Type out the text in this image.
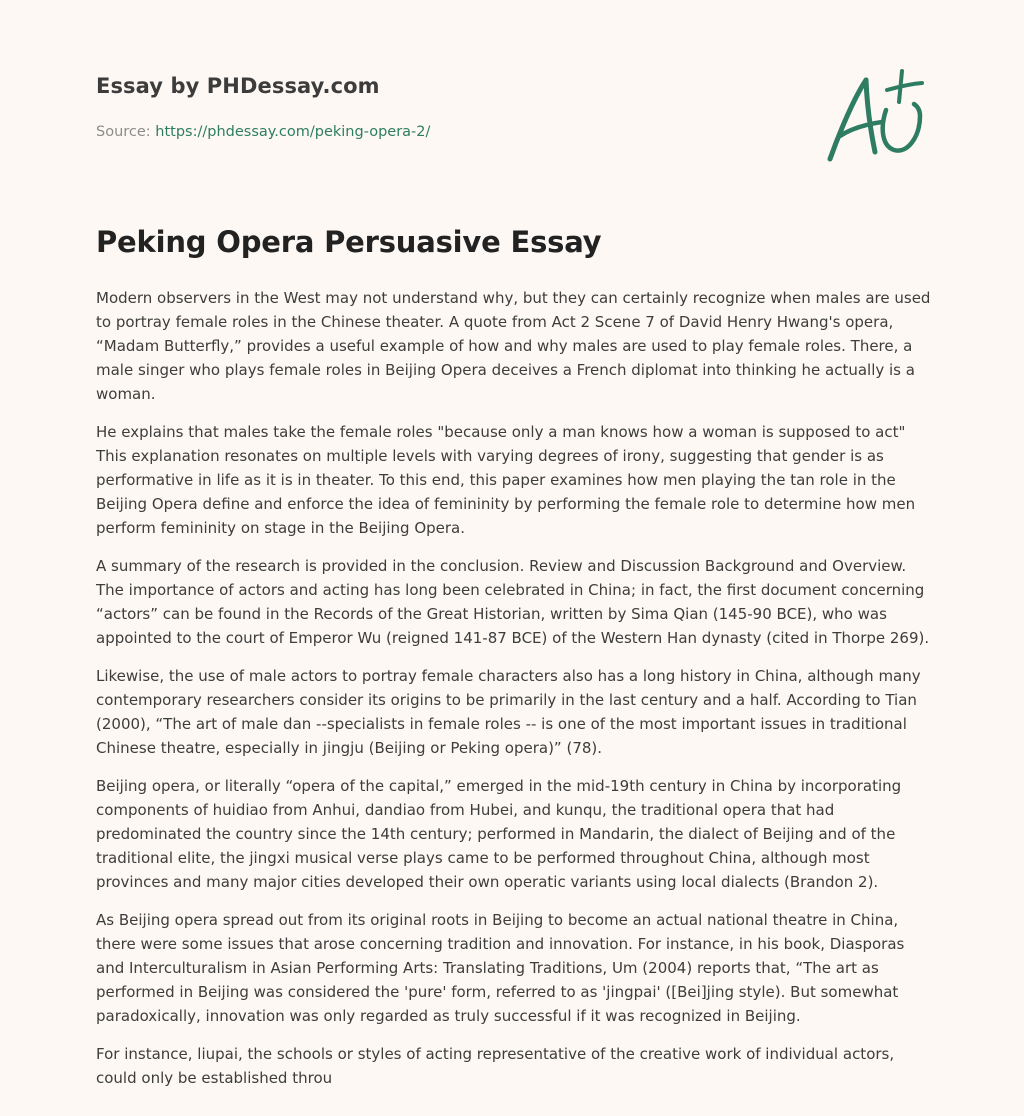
Essay by PHDessay.com
Source: https://phdessay.com/peking-opera-2/
Peking Opera Persuasive Essay

Modern observers in the West may not understand why, but they can certainly recognize when males are used to portray female roles in the Chinese theater. A quote from Act 2 Scene 7 of David Henry Hwang's opera, “Madam Butterfly,” provides a useful example of how and why males are used to play female roles. There, a male singer who plays female roles in Beijing Opera deceives a French diplomat into thinking he actually is a woman.

He explains that males take the female roles "because only a man knows how a woman is supposed to act" This explanation resonates on multiple levels with varying degrees of irony, suggesting that gender is as performative in life as it is in theater. To this end, this paper examines how men playing the tan role in the Beijing Opera define and enforce the idea of femininity by performing the female role to determine how men perform femininity on stage in the Beijing Opera.

A summary of the research is provided in the conclusion. Review and Discussion Background and Overview. The importance of actors and acting has long been celebrated in China; in fact, the first document concerning “actors” can be found in the Records of the Great Historian, written by Sima Qian (145-90 BCE), who was appointed to the court of Emperor Wu (reigned 141-87 BCE) of the Western Han dynasty (cited in Thorpe 269).

Likewise, the use of male actors to portray female characters also has a long history in China, although many contemporary researchers consider its origins to be primarily in the last century and a half. According to Tian (2000), “The art of male dan --specialists in female roles -- is one of the most important issues in traditional Chinese theatre, especially in jingju (Beijing or Peking opera)” (78).

Beijing opera, or literally “opera of the capital,” emerged in the mid-19th century in China by incorporating components of huidiao from Anhui, dandiao from Hubei, and kunqu, the traditional opera that had predominated the country since the 14th century; performed in Mandarin, the dialect of Beijing and of the traditional elite, the jingxi musical verse plays came to be performed throughout China, although most provinces and many major cities developed their own operatic variants using local dialects (Brandon 2).

As Beijing opera spread out from its original roots in Beijing to become an actual national theatre in China, there were some issues that arose concerning tradition and innovation. For instance, in his book, Diasporas and Interculturalism in Asian Performing Arts: Translating Traditions, Um (2004) reports that, “The art as performed in Beijing was considered the 'pure' form, referred to as 'jingpai' ([Bei]jing style). But somewhat paradoxically, innovation was only regarded as truly successful if it was recognized in Beijing.

For instance, liupai, the schools or styles of acting representative of the creative work of individual actors, could only be established throu
